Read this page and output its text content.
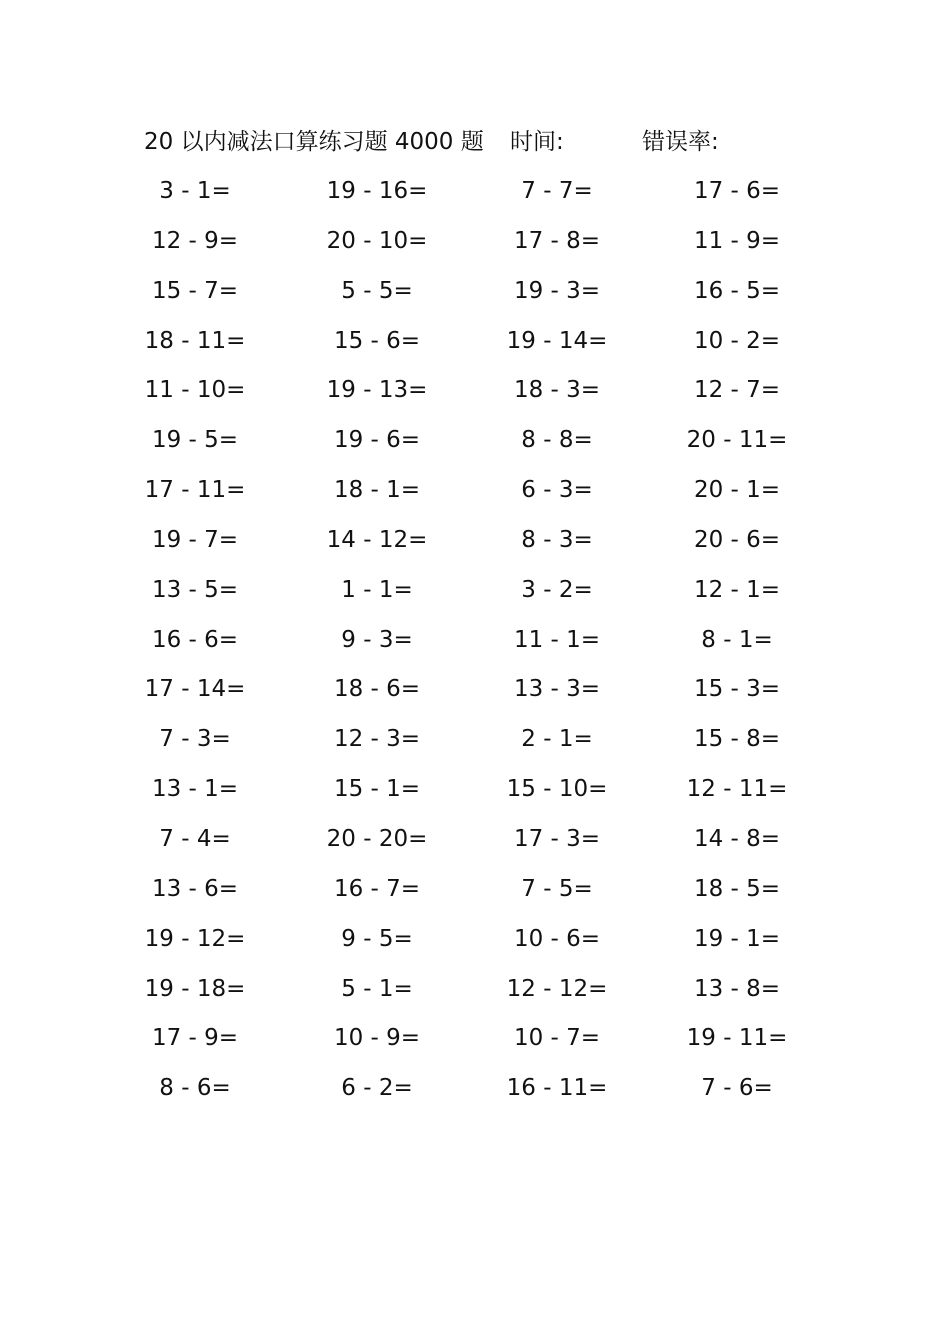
20 以内减法口算练习题 4000 题 时间:	错误率:
3 - 1=	19 - 16=	7 - 7=	17 - 6=
12 - 9=	20 - 10=	17 - 8=	11 - 9=
15 - 7=	5 - 5=	19 - 3=	16 - 5=
18 - 11=	15 - 6=	19 - 14=	10 - 2=
11 - 10=	19 - 13=	18 - 3=	12 - 7=
19 - 5=	19 - 6=	8 - 8=	20 - 11=
17 - 11=	18 - 1=	6 - 3=	20 - 1=
19 - 7=	14 - 12=	8 - 3=	20 - 6=
13 - 5=	1 - 1=	3 - 2=	12 - 1=
16 - 6=	9 - 3=	11 - 1=	8 - 1=
17 - 14=	18 - 6=	13 - 3=	15 - 3=
7 - 3=	12 - 3=	2 - 1=	15 - 8=
13 - 1=	15 - 1=	15 - 10=	12 - 11=
7 - 4=	20 - 20=	17 - 3=	14 - 8=
13 - 6=	16 - 7=	7 - 5=	18 - 5=
19 - 12=	9 - 5=	10 - 6=	19 - 1=
19 - 18=	5 - 1=	12 - 12=	13 - 8=
17 - 9=	10 - 9=	10 - 7=	19 - 11=
8 - 6=	6 - 2=	16 - 11=	7 - 6=
